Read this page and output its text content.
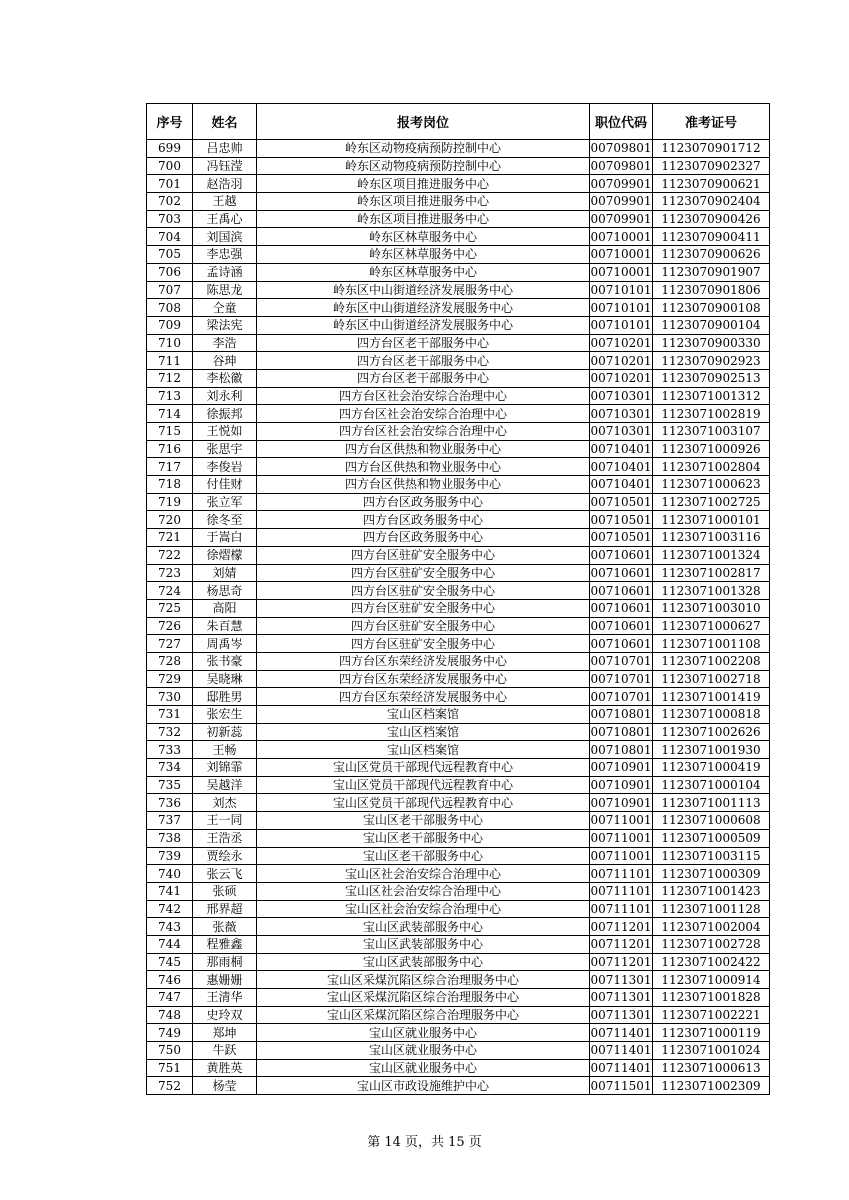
序号	姓名	报考岗位	职位代码	准考证号
699	吕忠帅	岭东区动物疫病预防控制中心	00709801	1123070901712
700	冯钰滢	岭东区动物疫病预防控制中心	00709801	1123070902327
701	赵浩羽	岭东区项目推进服务中心	00709901	1123070900621
702	王越	岭东区项目推进服务中心	00709901	1123070902404
703	王禹心	岭东区项目推进服务中心	00709901	1123070900426
704	刘国滨	岭东区林草服务中心	00710001	1123070900411
705	李忠强	岭东区林草服务中心	00710001	1123070900626
706	孟诗涵	岭东区林草服务中心	00710001	1123070901907
707	陈思龙	岭东区中山街道经济发展服务中心	00710101	1123070901806
708	仝童	岭东区中山街道经济发展服务中心	00710101	1123070900108
709	梁法宪	岭东区中山街道经济发展服务中心	00710101	1123070900104
710	李浩	四方台区老干部服务中心	00710201	1123070900330
711	谷珅	四方台区老干部服务中心	00710201	1123070902923
712	李松徽	四方台区老干部服务中心	00710201	1123070902513
713	刘永利	四方台区社会治安综合治理中心	00710301	1123071001312
714	徐振邦	四方台区社会治安综合治理中心	00710301	1123071002819
715	王悦如	四方台区社会治安综合治理中心	00710301	1123071003107
716	张思宇	四方台区供热和物业服务中心	00710401	1123071000926
717	李俊岩	四方台区供热和物业服务中心	00710401	1123071002804
718	付佳财	四方台区供热和物业服务中心	00710401	1123071000623
719	张立军	四方台区政务服务中心	00710501	1123071002725
720	徐冬至	四方台区政务服务中心	00710501	1123071000101
721	于嵩白	四方台区政务服务中心	00710501	1123071003116
722	徐熠檬	四方台区驻矿安全服务中心	00710601	1123071001324
723	刘婧	四方台区驻矿安全服务中心	00710601	1123071002817
724	杨思奇	四方台区驻矿安全服务中心	00710601	1123071001328
725	高阳	四方台区驻矿安全服务中心	00710601	1123071003010
726	朱百慧	四方台区驻矿安全服务中心	00710601	1123071000627
727	周禹岑	四方台区驻矿安全服务中心	00710601	1123071001108
728	张书豪	四方台区东荣经济发展服务中心	00710701	1123071002208
729	吴晓琳	四方台区东荣经济发展服务中心	00710701	1123071002718
730	邸胜男	四方台区东荣经济发展服务中心	00710701	1123071001419
731	张宏生	宝山区档案馆	00710801	1123071000818
732	初新蕊	宝山区档案馆	00710801	1123071002626
733	王畅	宝山区档案馆	00710801	1123071001930
734	刘锦霏	宝山区党员干部现代远程教育中心	00710901	1123071000419
735	吴越洋	宝山区党员干部现代远程教育中心	00710901	1123071000104
736	刘杰	宝山区党员干部现代远程教育中心	00710901	1123071001113
737	王一同	宝山区老干部服务中心	00711001	1123071000608
738	王浩丞	宝山区老干部服务中心	00711001	1123071000509
739	贾绘永	宝山区老干部服务中心	00711001	1123071003115
740	张云飞	宝山区社会治安综合治理中心	00711101	1123071000309
741	张硕	宝山区社会治安综合治理中心	00711101	1123071001423
742	邢界超	宝山区社会治安综合治理中心	00711101	1123071001128
743	张薇	宝山区武装部服务中心	00711201	1123071002004
744	程雅鑫	宝山区武装部服务中心	00711201	1123071002728
745	那雨桐	宝山区武装部服务中心	00711201	1123071002422
746	惠姗姗	宝山区采煤沉陷区综合治理服务中心	00711301	1123071000914
747	王清华	宝山区采煤沉陷区综合治理服务中心	00711301	1123071001828
748	史玲双	宝山区采煤沉陷区综合治理服务中心	00711301	1123071002221
749	郑坤	宝山区就业服务中心	00711401	1123071000119
750	牛跃	宝山区就业服务中心	00711401	1123071001024
751	黄胜英	宝山区就业服务中心	00711401	1123071000613
752	杨莹	宝山区市政设施维护中心	00711501	1123071002309
第 14 页，共 15 页
